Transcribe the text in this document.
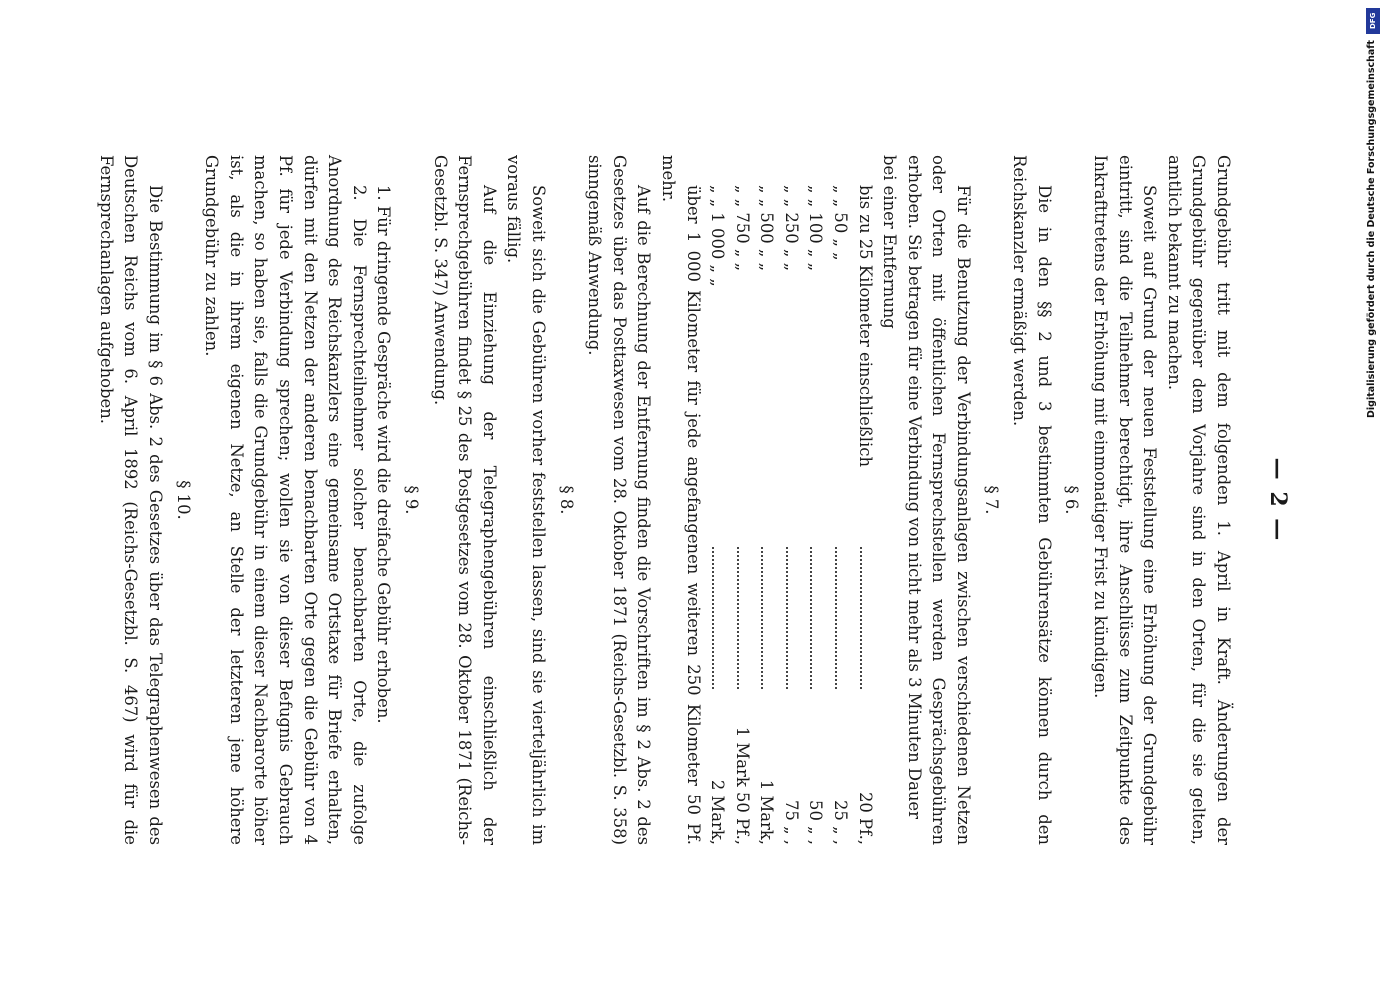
— 2 —

Grundgebühr tritt mit dem folgenden 1. April in Kraft. Änderungen der Grundgebühr gegenüber dem Vorjahre sind in den Orten, für die sie gelten, amtlich bekannt zu machen.

Soweit auf Grund der neuen Feststellung eine Erhöhung der Grundgebühr eintritt, sind die Teilnehmer berechtigt, ihre Anschlüsse zum Zeitpunkte des Inkrafttretens der Erhöhung mit einmonatiger Frist zu kündigen.

§ 6.

Die in den §§ 2 und 3 bestimmten Gebührensätze können durch den Reichskanzler ermäßigt werden.

§ 7.

Für die Benutzung der Verbindungsanlagen zwischen verschiedenen Netzen oder Orten mit öffentlichen Fernsprechstellen werden Gesprächsgebühren erhoben. Sie betragen für eine Verbindung von nicht mehr als 3 Minuten Dauer

bei einer Entfernung

bis zu 25 Kilometer einschließlich
20 Pf.,
„ „ 50 „ „
25 „ ,
„ „ 100 „ „
50 „ ,
„ „ 250 „ „
75 „ ,
„ „ 500 „ „
1 Mark,
„ „ 750 „ „
1 Mark 50 Pf.,
„ „ 1 000 „ „
2 Mark,

über 1 000 Kilometer für jede angefangenen weiteren 250 Kilometer 50 Pf. mehr.

Auf die Berechnung der Entfernung finden die Vorschriften im § 2 Abs. 2 des Gesetzes über das Posttaxwesen vom 28. Oktober 1871 (Reichs-Gesetzbl. S. 358) sinngemäß Anwendung.

§ 8.

Soweit sich die Gebühren vorher feststellen lassen, sind sie vierteljährlich im voraus fällig.

Auf die Einziehung der Telegraphengebühren einschließlich der Fernsprechgebühren findet § 25 des Postgesetzes vom 28. Oktober 1871 (Reichs-Gesetzbl. S. 347) Anwendung.

§ 9.

1. Für dringende Gespräche wird die dreifache Gebühr erhoben.

2. Die Fernsprechteilnehmer solcher benachbarten Orte, die zufolge Anordnung des Reichskanzlers eine gemeinsame Ortstaxe für Briefe erhalten, dürfen mit den Netzen der anderen benachbarten Orte gegen die Gebühr von 4 Pf. für jede Verbindung sprechen; wollen sie von dieser Befugnis Gebrauch machen, so haben sie, falls die Grundgebühr in einem dieser Nachbarorte höher ist, als die in ihrem eigenen Netze, an Stelle der letzteren jene höhere Grundgebühr zu zahlen.

§ 10.

Die Bestimmung im § 6 Abs. 2 des Gesetzes über das Telegraphenwesen des Deutschen Reichs vom 6. April 1892 (Reichs-Gesetzbl. S. 467) wird für die Fernsprechanlagen aufgehoben.

DFG
Digitalisierung gefördert durch die Deutsche Forschungsgemeinschaft
